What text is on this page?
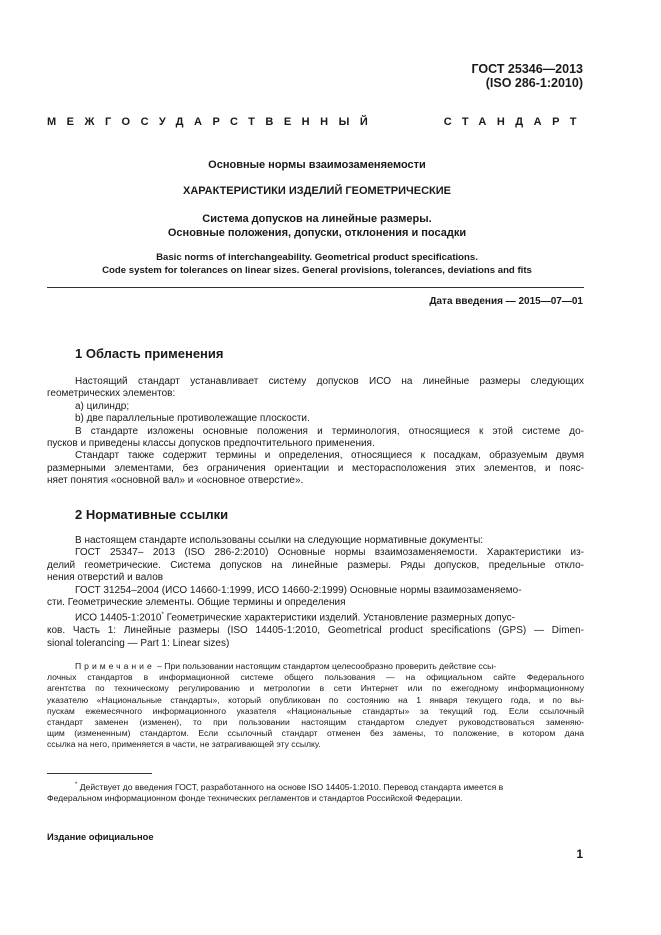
ГОСТ 25346—2013
(ISO 286-1:2010)
МЕЖГОСУДАРСТВЕННЫЙ	СТАНДАРТ
Основные нормы взаимозаменяемости
ХАРАКТЕРИСТИКИ ИЗДЕЛИЙ ГЕОМЕТРИЧЕСКИЕ
Система допусков на линейные размеры.
Основные положения, допуски, отклонения и посадки
Basic norms of interchangeability. Geometrical product specifications.
Code system for tolerances on linear sizes. General provisions, tolerances, deviations and fits
Дата введения — 2015—07—01
1 Область применения
Настоящий стандарт устанавливает систему допусков ИСО на линейные размеры следующих
геометрических элементов:
а) цилиндр;
b) две параллельные противолежащие плоскости.
В стандарте изложены основные положения и терминология, относящиеся к этой системе до-
пусков и приведены классы допусков предпочтительного применения.
Стандарт также содержит термины и определения, относящиеся к посадкам, образуемым двумя
размерными элементами, без ограничения ориентации и месторасположения этих элементов, и пояс-
няет понятия «основной вал» и «основное отверстие».
2 Нормативные ссылки
В настоящем стандарте использованы ссылки на следующие нормативные документы:
ГОСТ 25347– 2013 (ISO 286-2:2010) Основные нормы взаимозаменяемости. Характеристики из-
делий геометрические. Система допусков на линейные размеры. Ряды допусков, предельные откло-
нения отверстий и валов
ГОСТ 31254–2004 (ИСО 14660-1:1999, ИСО 14660-2:1999) Основные нормы взаимозаменяемо-
сти. Геометрические элементы. Общие термины и определения
ИСО 14405-1:2010* Геометрические характеристики изделий. Установление размерных допус-
ков. Часть 1: Линейные размеры (ISO 14405-1:2010, Geometrical product specifications (GPS) — Dimen-
sional tolerancing — Part 1: Linear sizes)
Примечание – При пользовании настоящим стандартом целесообразно проверить действие ссы-
лочных стандартов в информационной системе общего пользования — на официальном сайте Федерального
агентства по техническому регулированию и метрологии в сети Интернет или по ежегодному информационному
указателю «Национальные стандарты», который опубликован по состоянию на 1 января текущего года, и по вы-
пускам ежемесячного информационного указателя «Национальные стандарты» за текущий год. Если ссылочный
стандарт заменен (изменен), то при пользовании настоящим стандартом следует руководствоваться заменяю-
щим (измененным) стандартом. Если ссылочный стандарт отменен без замены, то положение, в котором дана
ссылка на него, применяется в части, не затрагивающей эту ссылку.
* Действует до введения ГОСТ, разработанного на основе ISO 14405-1:2010. Перевод стандарта имеется в
Федеральном информационном фонде технических регламентов и стандартов Российской Федерации.
Издание официальное
1
